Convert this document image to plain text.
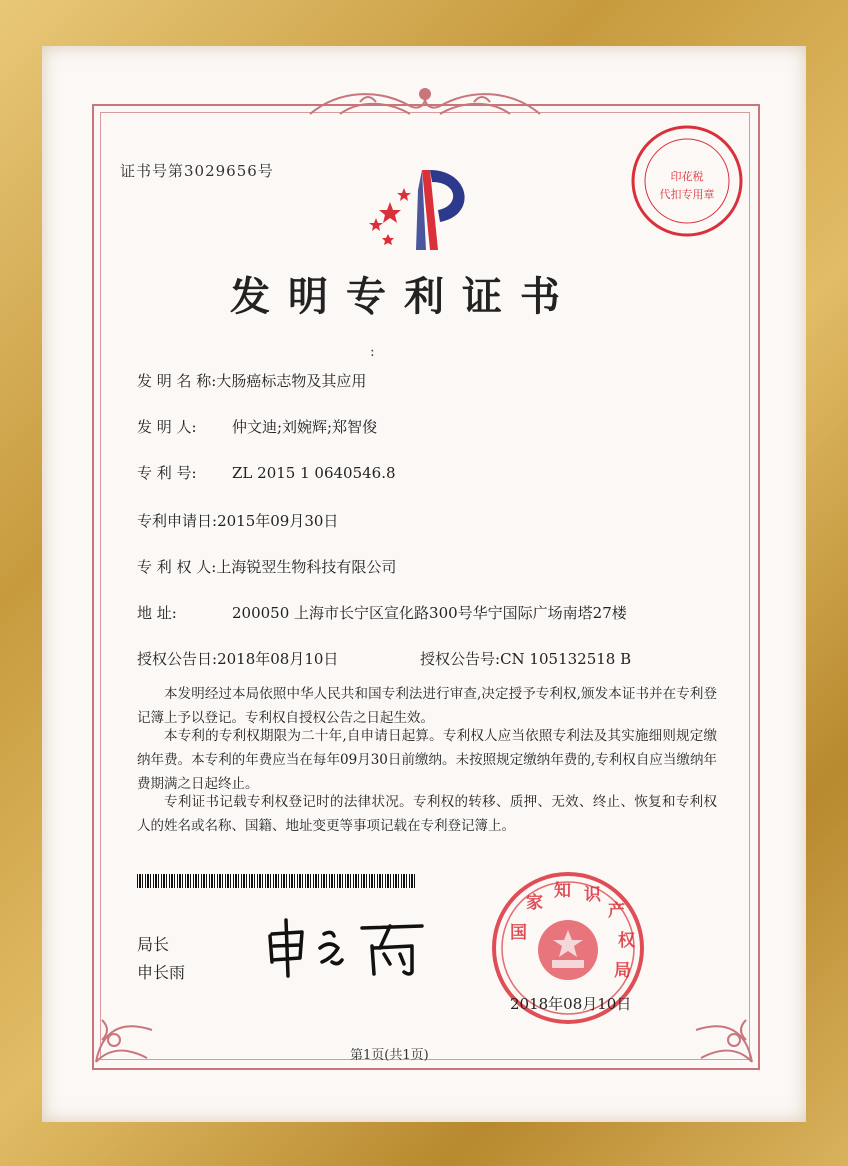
证书号第3029656号	印花税
代扣专用章
发明专利证书
:
发 明 名 称:大肠癌标志物及其应用
发 明 人: 仲文迪;刘婉辉;郑智俊
专 利 号: ZL 2015 1 0640546.8
专利申请日:2015年09月30日
专 利 权 人:上海锐翌生物科技有限公司
地 址:	200050 上海市长宁区宣化路300号华宁国际广场南塔27楼
授权公告日:2018年08月10日	授权公告号:CN 105132518 B

本发明经过本局依照中华人民共和国专利法进行审查,决定授予专利权,颁发本证书并在专利登记簿上予以登记。专利权自授权公告之日起生效。

本专利的专利权期限为二十年,自申请日起算。专利权人应当依照专利法及其实施细则规定缴纳年费。本专利的年费应当在每年09月30日前缴纳。未按照规定缴纳年费的,专利权自应当缴纳年费期满之日起终止。

专利证书记载专利权登记时的法律状况。专利权的转移、质押、无效、终止、恢复和专利权人的姓名或名称、国籍、地址变更等事项记载在专利登记簿上。

局长
申长雨
国
家
知 识
产
权
局
2018年08月10日
第1页(共1页)
